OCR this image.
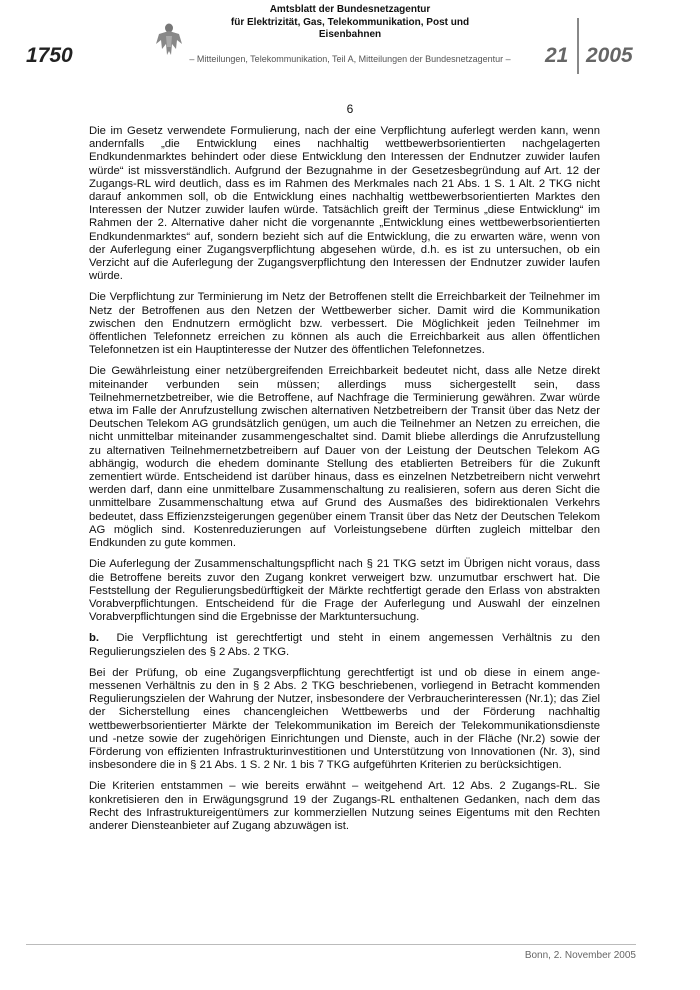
1750
Amtsblatt der Bundesnetzagentur
für Elektrizität, Gas, Telekommunikation, Post und Eisenbahnen
– Mitteilungen, Telekommunikation, Teil A, Mitteilungen der Bundesnetzagentur –	21 2005
6

Die im Gesetz verwendete Formulierung, nach der eine Verpflichtung auferlegt werden kann, wenn andernfalls „die Entwicklung eines nachhaltig wettbewerbsorientierten nachgelagerten Endkundenmarktes behindert oder diese Entwicklung den Interessen der Endnutzer zuwider laufen würde“ ist missverständlich. Aufgrund der Bezugnahme in der Gesetzesbegründung auf Art. 12 der Zugangs-RL wird deutlich, dass es im Rahmen des Merkmales nach 21 Abs. 1 S. 1 Alt. 2 TKG nicht darauf ankommen soll, ob die Entwicklung eines nachhaltig wettbewerbsorientierten Marktes den Interessen der Nutzer zuwider laufen würde. Tatsächlich greift der Terminus „diese Entwicklung“ im Rahmen der 2. Alternative daher nicht die vorgenannte „Entwicklung eines wettbewerbsorientierten Endkundenmarktes“ auf, sondern bezieht sich auf die Entwicklung, die zu erwarten wäre, wenn von der Auferlegung einer Zugangsverpflichtung abgesehen würde, d.h. es ist zu untersuchen, ob ein Verzicht auf die Auferlegung der Zugangsverpflichtung den Interessen der Endnutzer zuwider laufen würde.

Die Verpflichtung zur Terminierung im Netz der Betroffenen stellt die Erreichbarkeit der Teilnehmer im Netz der Betroffenen aus den Netzen der Wettbewerber sicher. Damit wird die Kommunikation zwischen den Endnutzern ermöglicht bzw. verbessert. Die Möglichkeit jeden Teilnehmer im öffentlichen Telefonnetz erreichen zu können als auch die Erreichbarkeit aus allen öffentlichen Telefonnetzen ist ein Hauptinteresse der Nutzer des öffentlichen Telefonnetzes.

Die Gewährleistung einer netzübergreifenden Erreichbarkeit bedeutet nicht, dass alle Netze direkt miteinander verbunden sein müssen; allerdings muss sichergestellt sein, dass Teilnehmernetzbetreiber, wie die Betroffene, auf Nachfrage die Terminierung gewähren. Zwar würde etwa im Falle der Anrufzustellung zwischen alternativen Netzbetreibern der Transit über das Netz der Deutschen Telekom AG grundsätzlich genügen, um auch die Teilnehmer an Netzen zu erreichen, die nicht unmittelbar miteinander zusammengeschaltet sind. Damit bliebe allerdings die Anrufzustellung zu alternativen Teilnehmernetzbetreibern auf Dauer von der Leistung der Deutschen Telekom AG abhängig, wodurch die ehedem dominante Stellung des etablierten Betreibers für die Zukunft zementiert würde. Entscheidend ist darüber hinaus, dass es einzelnen Netzbetreibern nicht verwehrt werden darf, dann eine unmittelbare Zusammenschaltung zu realisieren, sofern aus deren Sicht die unmittelbare Zusammenschaltung etwa auf Grund des Ausmaßes des bidirektionalen Verkehrs bedeutet, dass Effizienzsteigerungen gegenüber einem Transit über das Netz der Deutschen Telekom AG möglich sind. Kostenreduzierungen auf Vorleistungsebene dürften zugleich mittelbar den Endkunden zu gute kommen.

Die Auferlegung der Zusammenschaltungspflicht nach § 21 TKG setzt im Übrigen nicht voraus, dass die Betroffene bereits zuvor den Zugang konkret verweigert bzw. unzumutbar erschwert hat. Die Feststellung der Regulierungsbedürftigkeit der Märkte rechtfertigt gerade den Erlass von abstrakten Vorabverpflichtungen. Entscheidend für die Frage der Auferlegung und Auswahl der einzelnen Vorabverpflichtungen sind die Ergebnisse der Marktuntersuchung.

b. Die Verpflichtung ist gerechtfertigt und steht in einem angemessen Verhältnis zu den Regulierungszielen des § 2 Abs. 2 TKG.

Bei der Prüfung, ob eine Zugangsverpflichtung gerechtfertigt ist und ob diese in einem ange-messenen Verhältnis zu den in § 2 Abs. 2 TKG beschriebenen, vorliegend in Betracht kommenden Regulierungszielen der Wahrung der Nutzer, insbesondere der Verbraucherinteressen (Nr.1); das Ziel der Sicherstellung eines chancengleichen Wettbewerbs und der Förderung nachhaltig wettbewerbsorientierter Märkte der Telekommunikation im Bereich der Telekommunikationsdienste und -netze sowie der zugehörigen Einrichtungen und Dienste, auch in der Fläche (Nr.2) sowie der Förderung von effizienten Infrastrukturinvestitionen und Unterstützung von Innovationen (Nr. 3), sind insbesondere die in § 21 Abs. 1 S. 2 Nr. 1 bis 7 TKG aufgeführten Kriterien zu berücksichtigen.

Die Kriterien entstammen – wie bereits erwähnt – weitgehend Art. 12 Abs. 2 Zugangs-RL. Sie konkretisieren den in Erwägungsgrund 19 der Zugangs-RL enthaltenen Gedanken, nach dem das Recht des Infrastruktureigentümers zur kommerziellen Nutzung seines Eigentums mit den Rechten anderer Diensteanbieter auf Zugang abzuwägen ist.

Bonn, 2. November 2005
